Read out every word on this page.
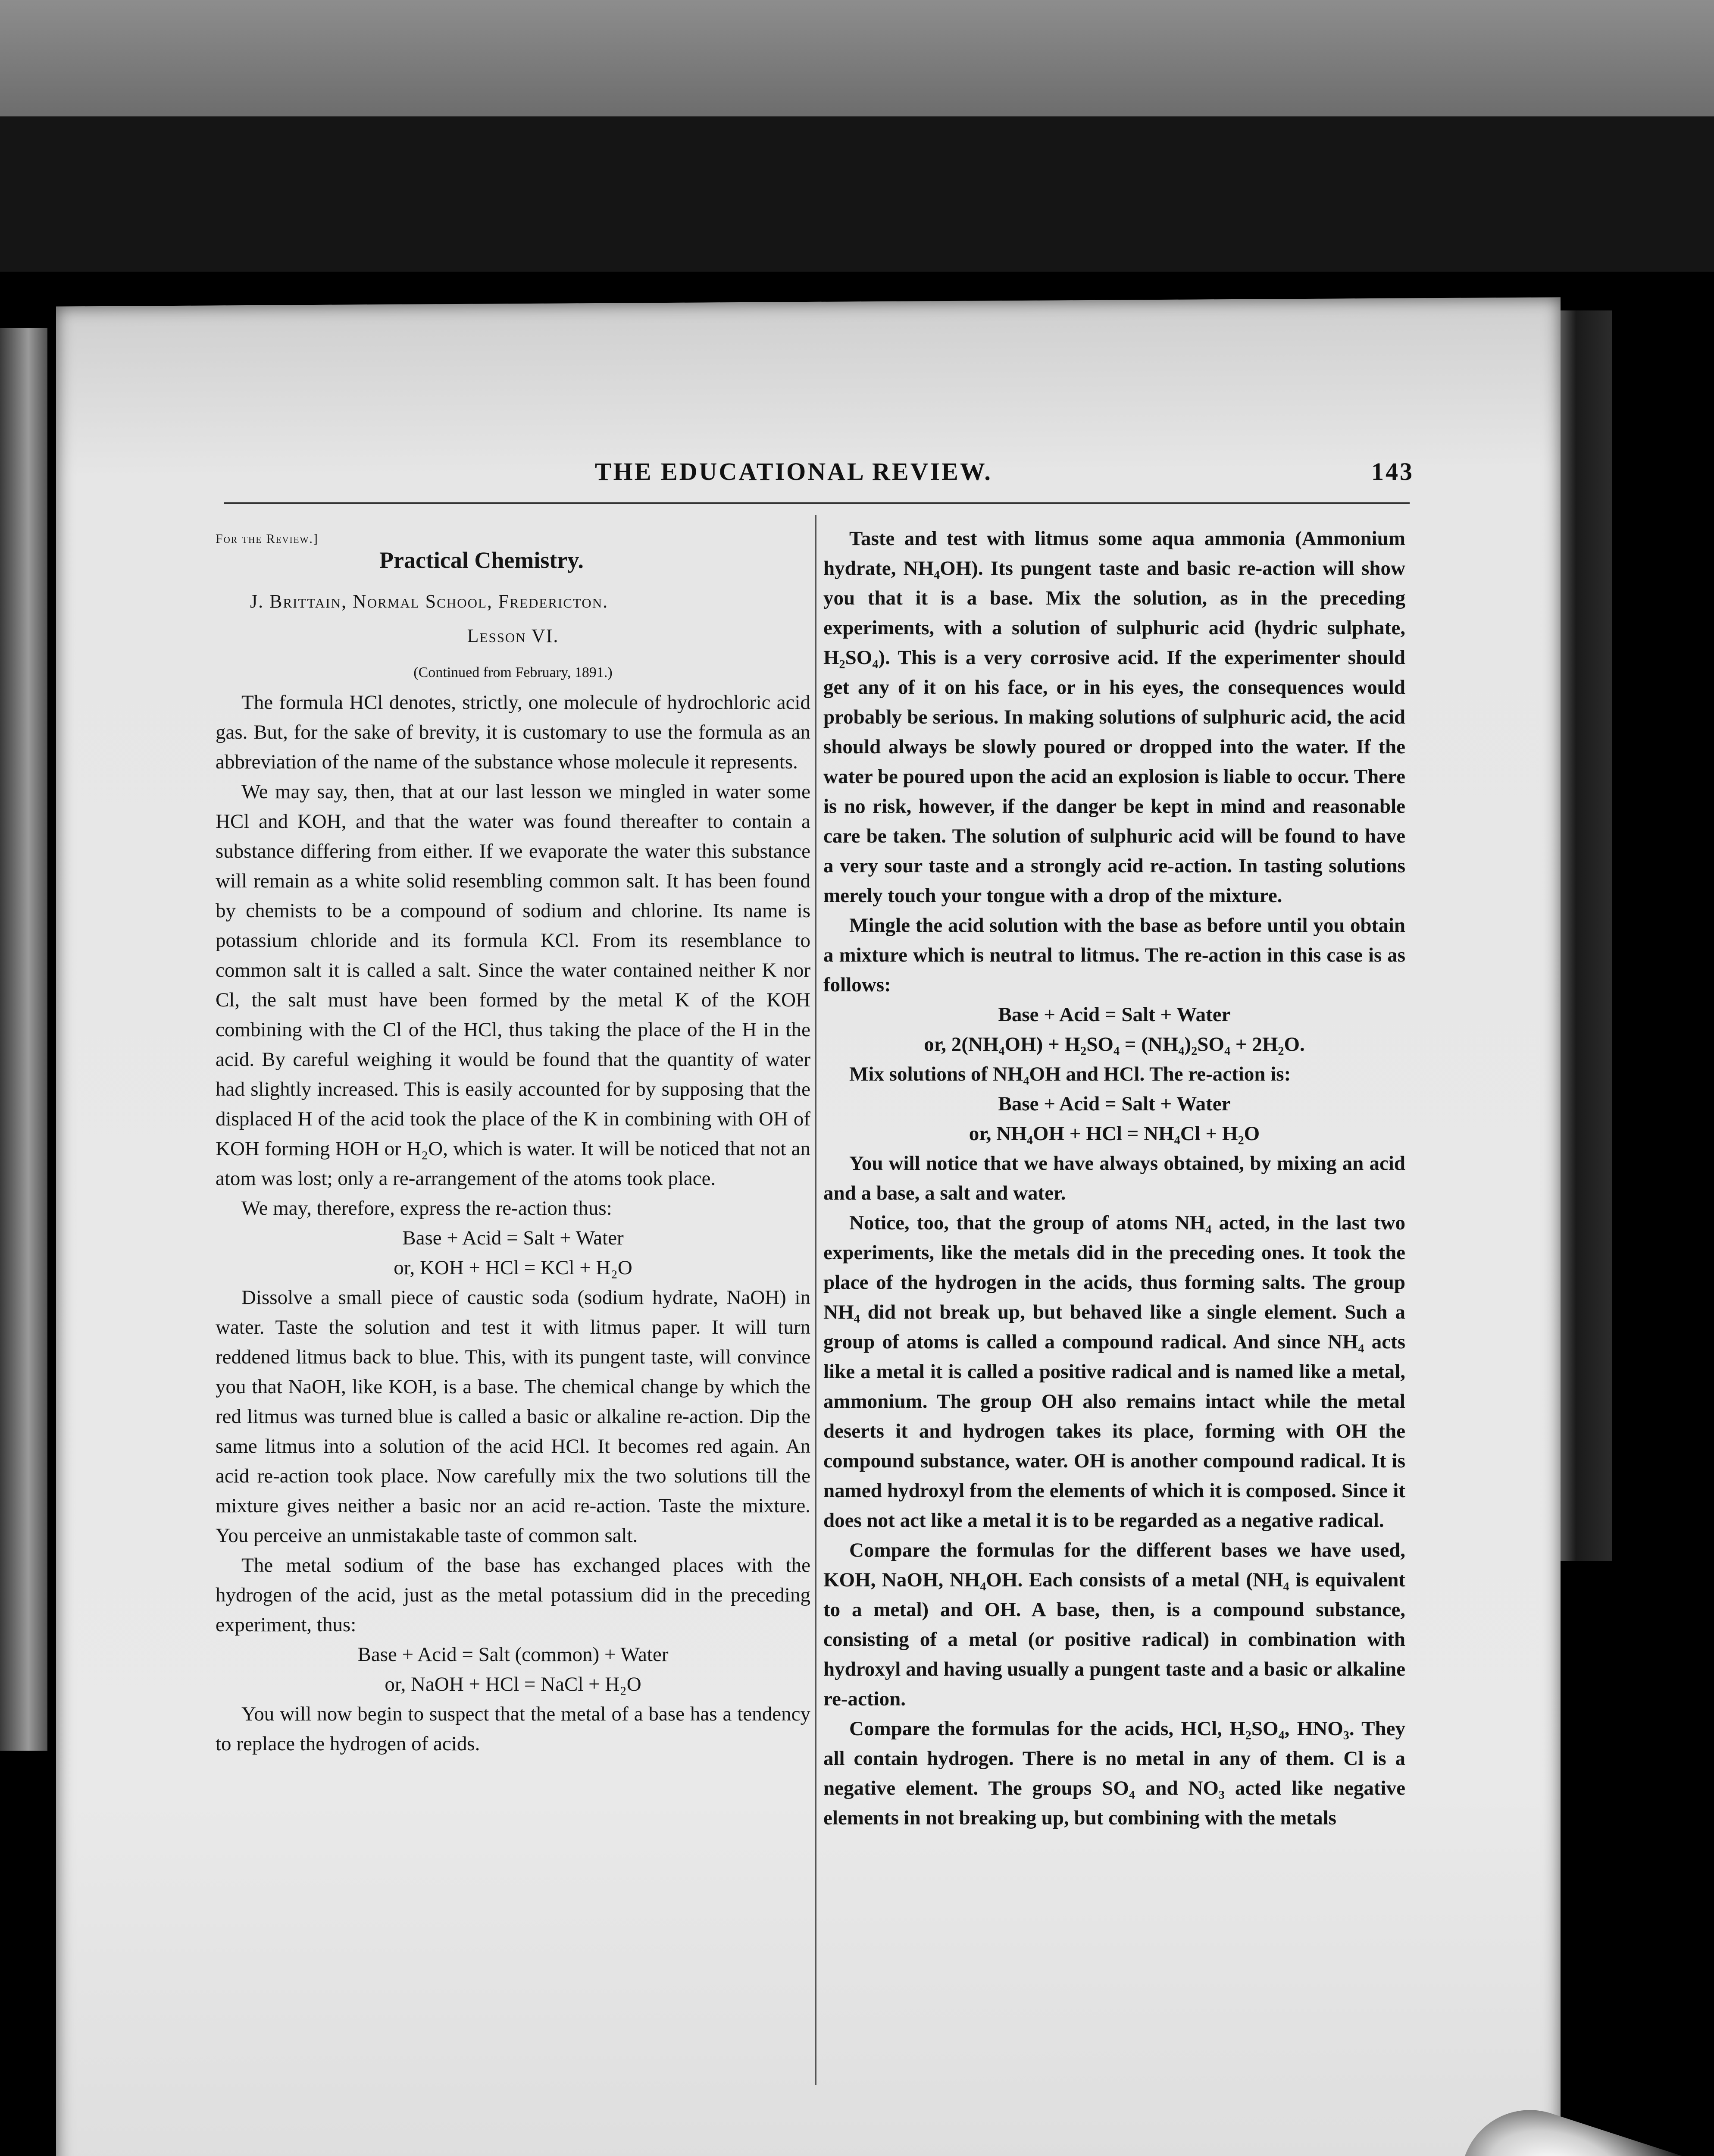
THE EDUCATIONAL REVIEW.	143
For the Review.]
Practical Chemistry.
J. Brittain, Normal School, Fredericton.
Lesson VI.
(Continued from February, 1891.)

The formula HCl denotes, strictly, one molecule of hydrochloric acid gas. But, for the sake of brevity, it is customary to use the formula as an abbreviation of the name of the substance whose molecule it represents.

We may say, then, that at our last lesson we mingled in water some HCl and KOH, and that the water was found thereafter to contain a substance differing from either. If we evaporate the water this substance will remain as a white solid resembling common salt. It has been found by chemists to be a compound of sodium and chlorine. Its name is potassium chloride and its formula KCl. From its resemblance to common salt it is called a salt. Since the water contained neither K nor Cl, the salt must have been formed by the metal K of the KOH combining with the Cl of the HCl, thus taking the place of the H in the acid. By careful weighing it would be found that the quantity of water had slightly increased. This is easily accounted for by supposing that the displaced H of the acid took the place of the K in combining with OH of KOH forming HOH or H₂O, which is water. It will be noticed that not an atom was lost; only a re-arrangement of the atoms took place.

We may, therefore, express the re-action thus:

Base + Acid = Salt + Water

or, KOH + HCl = KCl + H₂O

Dissolve a small piece of caustic soda (sodium hydrate, NaOH) in water. Taste the solution and test it with litmus paper. It will turn reddened litmus back to blue. This, with its pungent taste, will convince you that NaOH, like KOH, is a base. The chemical change by which the red litmus was turned blue is called a basic or alkaline re-action. Dip the same litmus into a solution of the acid HCl. It becomes red again. An acid re-action took place. Now carefully mix the two solutions till the mixture gives neither a basic nor an acid re-action. Taste the mixture. You perceive an unmistakable taste of common salt.

The metal sodium of the base has exchanged places with the hydrogen of the acid, just as the metal potassium did in the preceding experiment, thus:

Base + Acid = Salt (common) + Water

or, NaOH + HCl = NaCl + H₂O

You will now begin to suspect that the metal of a base has a tendency to replace the hydrogen of acids.

Taste and test with litmus some aqua ammonia (Ammonium hydrate, NH₄OH). Its pungent taste and basic re-action will show you that it is a base. Mix the solution, as in the preceding experiments, with a solution of sulphuric acid (hydric sulphate, H₂SO₄). This is a very corrosive acid. If the experimenter should get any of it on his face, or in his eyes, the consequences would probably be serious. In making solutions of sulphuric acid, the acid should always be slowly poured or dropped into the water. If the water be poured upon the acid an explosion is liable to occur. There is no risk, however, if the danger be kept in mind and reasonable care be taken. The solution of sulphuric acid will be found to have a very sour taste and a strongly acid re-action. In tasting solutions merely touch your tongue with a drop of the mixture.

Mingle the acid solution with the base as before until you obtain a mixture which is neutral to litmus. The re-action in this case is as follows:

Base + Acid = Salt + Water

or, 2(NH₄OH) + H₂SO₄ = (NH₄)₂SO₄ + 2H₂O.

Mix solutions of NH₄OH and HCl. The re-action is:

Base + Acid = Salt + Water

or, NH₄OH + HCl = NH₄Cl + H₂O

You will notice that we have always obtained, by mixing an acid and a base, a salt and water.

Notice, too, that the group of atoms NH₄ acted, in the last two experiments, like the metals did in the preceding ones. It took the place of the hydrogen in the acids, thus forming salts. The group NH₄ did not break up, but behaved like a single element. Such a group of atoms is called a compound radical. And since NH₄ acts like a metal it is called a positive radical and is named like a metal, ammonium. The group OH also remains intact while the metal deserts it and hydrogen takes its place, forming with OH the compound substance, water. OH is another compound radical. It is named hydroxyl from the elements of which it is composed. Since it does not act like a metal it is to be regarded as a negative radical.

Compare the formulas for the different bases we have used, KOH, NaOH, NH₄OH. Each consists of a metal (NH₄ is equivalent to a metal) and OH. A base, then, is a compound substance, consisting of a metal (or positive radical) in combination with hydroxyl and having usually a pungent taste and a basic or alkaline re-action.

Compare the formulas for the acids, HCl, H₂SO₄, HNO₃. They all contain hydrogen. There is no metal in any of them. Cl is a negative element. The groups SO₄ and NO₃ acted like negative elements in not breaking up, but combining with the metals
